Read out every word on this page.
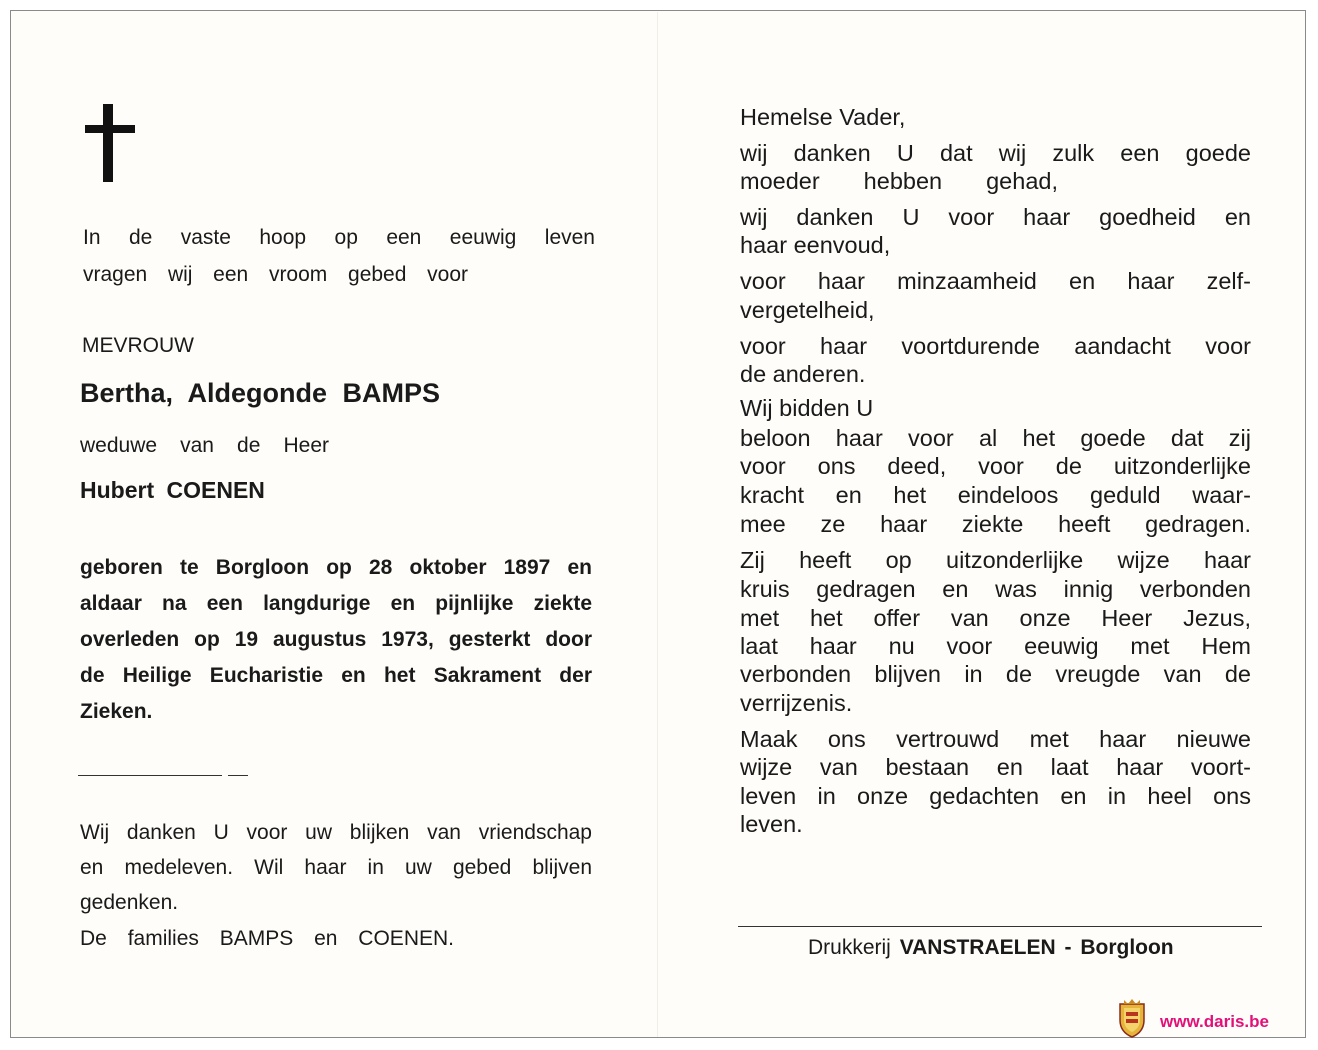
In de vaste hoop op een eeuwig leven
vragen wij een vroom gebed voor
MEVROUW
Bertha, Aldegonde BAMPS
weduwe van de Heer
Hubert COENEN
geboren te Borgloon op 28 oktober 1897 en
aldaar na een langdurige en pijnlijke ziekte
overleden op 19 augustus 1973, gesterkt door
de Heilige Eucharistie en het Sakrament der
Zieken.
Wij danken U voor uw blijken van vriendschap
en medeleven. Wil haar in uw gebed blijven
gedenken.
De families BAMPS en COENEN.
Hemelse Vader,
wij danken U dat wij zulk een goede
moeder hebben gehad,
wij danken U voor haar goedheid en
haar eenvoud,
voor haar minzaamheid en haar zelf-
vergetelheid,
voor haar voortdurende aandacht voor
de anderen.
Wij bidden U
beloon haar voor al het goede dat zij
voor ons deed, voor de uitzonderlijke
kracht en het eindeloos geduld waar-
mee ze haar ziekte heeft gedragen.
Zij heeft op uitzonderlijke wijze haar
kruis gedragen en was innig verbonden
met het offer van onze Heer Jezus,
laat haar nu voor eeuwig met Hem
verbonden blijven in de vreugde van de
verrijzenis.
Maak ons vertrouwd met haar nieuwe
wijze van bestaan en laat haar voort-
leven in onze gedachten en in heel ons
leven.
Drukkerij VANSTRAELEN - Borgloon
www.daris.be
